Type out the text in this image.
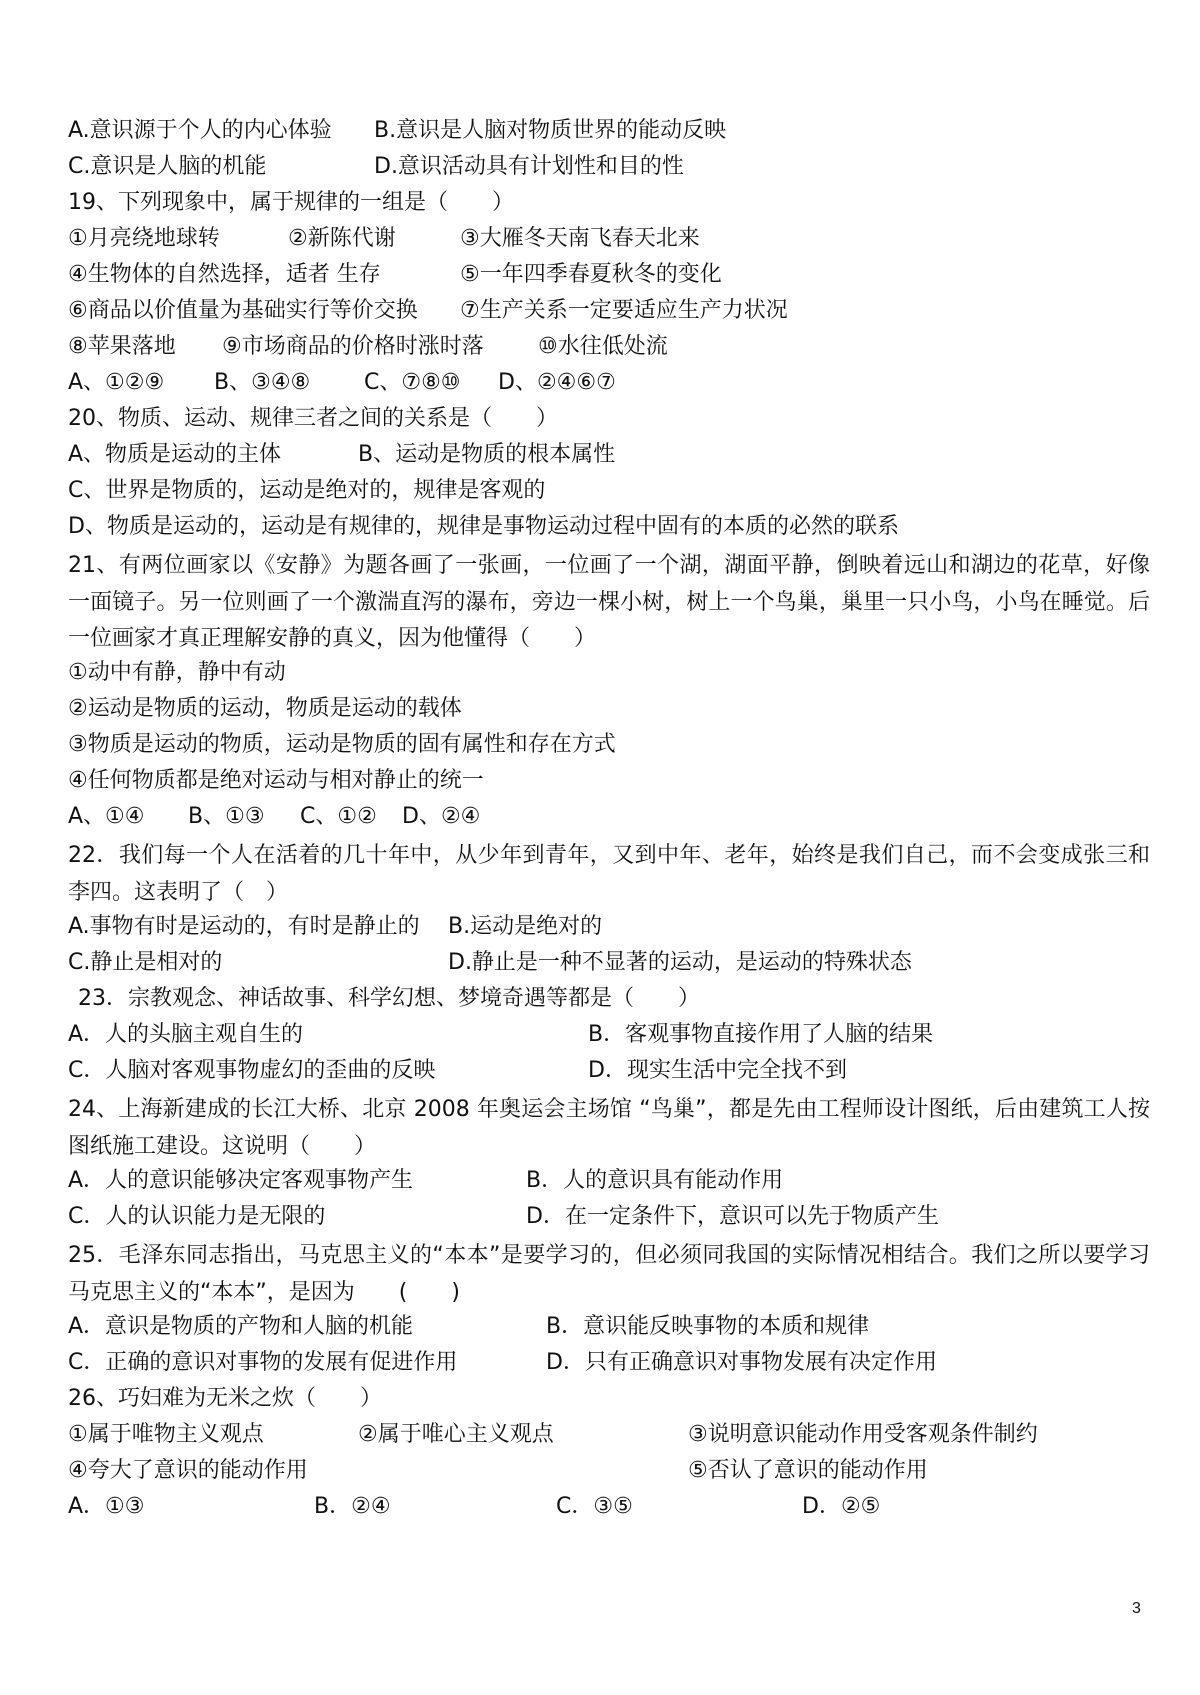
A.意识源于个人的内心体验 B.意识是人脑对物质世界的能动反映
C.意识是人脑的机能	D.意识活动具有计划性和目的性
19、下列现象中，属于规律的一组是（　　）
①月亮绕地球转	②新陈代谢	③大雁冬天南飞春天北来
④生物体的自然选择，适者 生存	⑤一年四季春夏秋冬的变化
⑥商品以价值量为基础实行等价交换 ⑦生产关系一定要适应生产力状况
⑧苹果落地 ⑨市场商品的价格时涨时落 ⑩水往低处流
A、①②⑨ B、③④⑧ C、⑦⑧⑩ D、②④⑥⑦
20、物质、运动、规律三者之间的关系是（　　）
A、物质是运动的主体	B、运动是物质的根本属性
C、世界是物质的，运动是绝对的，规律是客观的
D、物质是运动的，运动是有规律的，规律是事物运动过程中固有的本质的必然的联系
21、有两位画家以《安静》为题各画了一张画，一位画了一个湖，湖面平静，倒映着远山和湖边的花草，好像一面镜子。另一位则画了一个激湍直泻的瀑布，旁边一棵小树，树上一个鸟巢，巢里一只小鸟，小鸟在睡觉。后一位画家才真正理解安静的真义，因为他懂得（　　）
①动中有静，静中有动
②运动是物质的运动，物质是运动的载体
③物质是运动的物质，运动是物质的固有属性和存在方式
④任何物质都是绝对运动与相对静止的统一
A、①④ B、①③ C、①② D、②④
22．我们每一个人在活着的几十年中，从少年到青年，又到中年、老年，始终是我们自己，而不会变成张三和李四。这表明了（　）
A.事物有时是运动的，有时是静止的 B.运动是绝对的
C.静止是相对的	D.静止是一种不显著的运动，是运动的特殊状态
23．宗教观念、神话故事、科学幻想、梦境奇遇等都是（　　）
A．人的头脑主观自生的	B．客观事物直接作用了人脑的结果
C．人脑对客观事物虚幻的歪曲的反映	D．现实生活中完全找不到
24、上海新建成的长江大桥、北京 2008 年奥运会主场馆 “鸟巢”，都是先由工程师设计图纸，后由建筑工人按图纸施工建设。这说明（　　）
A．人的意识能够决定客观事物产生	B．人的意识具有能动作用
C．人的认识能力是无限的	D．在一定条件下，意识可以先于物质产生
25．毛泽东同志指出，马克思主义的“本本”是要学习的，但必须同我国的实际情况相结合。我们之所以要学习马克思主义的“本本”，是因为　　(　　)
A．意识是物质的产物和人脑的机能	B．意识能反映事物的本质和规律
C．正确的意识对事物的发展有促进作用	D．只有正确意识对事物发展有决定作用
26、巧妇难为无米之炊（　　）
①属于唯物主义观点	②属于唯心主义观点	③说明意识能动作用受客观条件制约
④夸大了意识的能动作用	⑤否认了意识的能动作用
A．①③	B．②④	C．③⑤	D．②⑤
3
